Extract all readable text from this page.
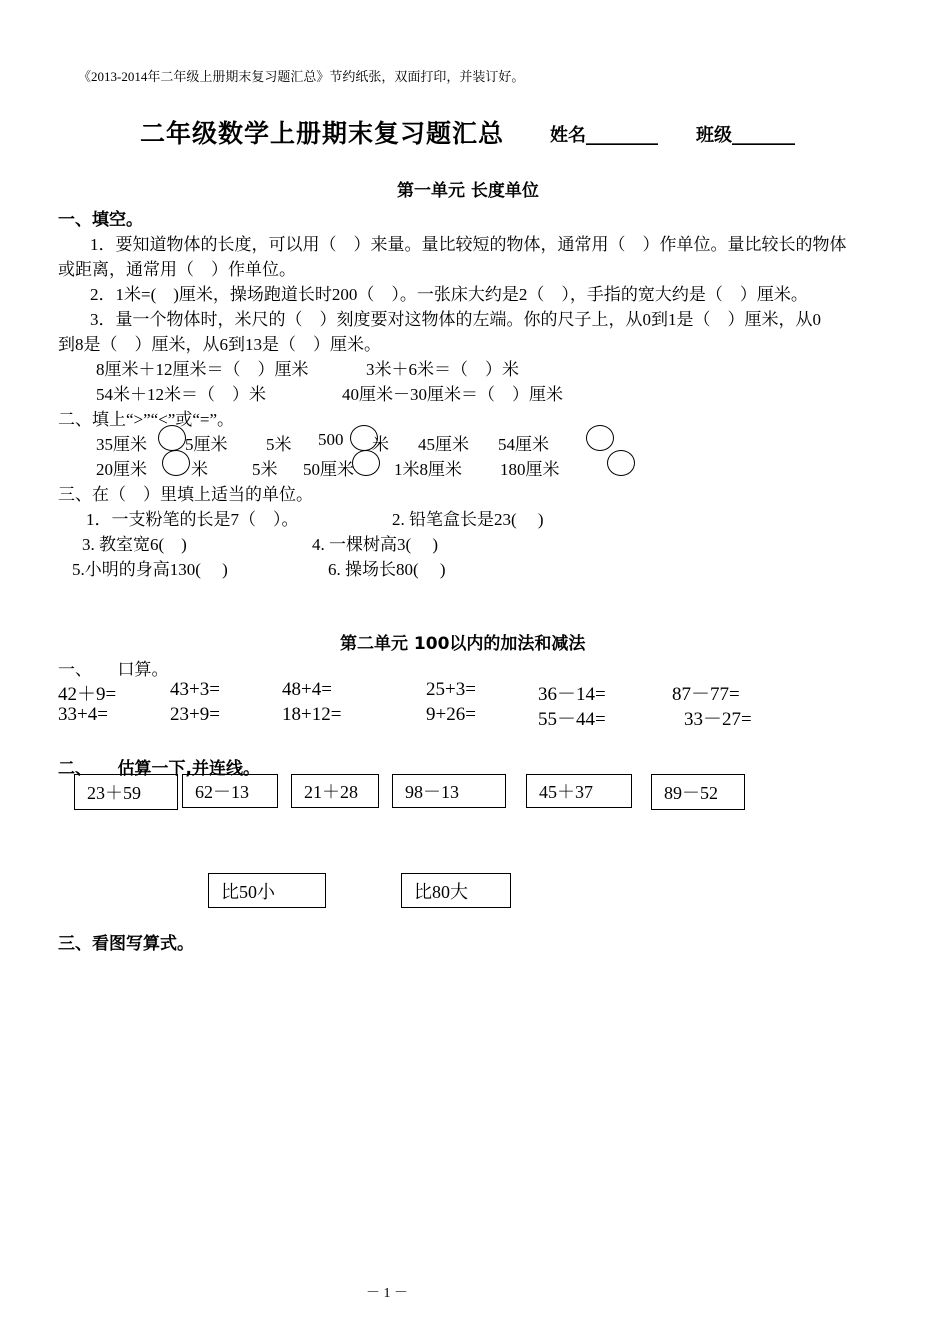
《2013-2014年二年级上册期末复习题汇总》节约纸张，双面打印，并装订好。
二年级数学上册期末复习题汇总	姓名________ 班级_______
第一单元 长度单位
一、填空。
1．要知道物体的长度，可以用（　）来量。量比较短的物体，通常用（　）作单位。量比较长的物体
或距离，通常用（　）作单位。
2．1米=(　)厘米，操场跑道长时200（　）。一张床大约是2（　），手指的宽大约是（　）厘米。
3．量一个物体时，米尺的（　）刻度要对这物体的左端。你的尺子上，从0到1是（　）厘米，从0
到8是（　）厘米，从6到13是（　）厘米。
8厘米＋12厘米＝（　）厘米	3米＋6米＝（　）米
54米＋12米＝（　）米	40厘米－30厘米＝（　）厘米
二、填上“>”“<”或“=”。
35厘米 5厘米 5米 500 米 45厘米 54厘米
20厘米	米	5米 50厘米 1米8厘米 180厘米
三、在（　）里填上适当的单位。
1．一支粉笔的长是7（　）。	2. 铅笔盒长是23(　 )
3. 教室宽6(　)	4. 一棵树高3(　 )
5.小明的身高130(　 )	6. 操场长80(　 )
第二单元 100以内的加法和减法
一、　　口算。
42＋9=	43+3=	48+4=	25+3=	36－14=	87－77=
33+4=	23+9=	18+12=	9+26=	55－44=	33－27=
二、　　估算一下,并连线。
23＋59	62－13	21＋28	98－13	45＋37	89－52
比50小	比80大
三、看图写算式。
－ 1 －
